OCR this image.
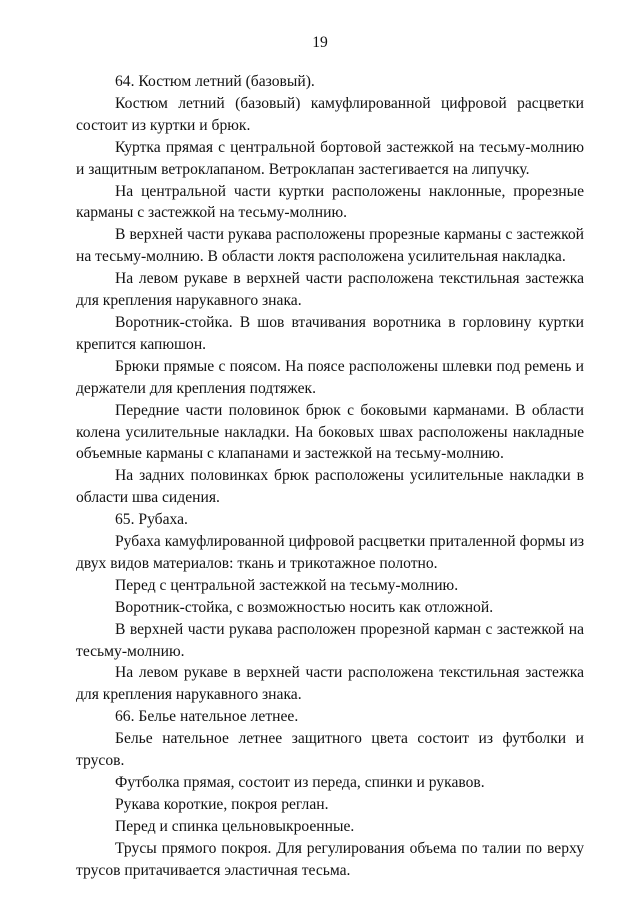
19

64. Костюм летний (базовый).

Костюм летний (базовый) камуфлированной цифровой расцветки состоит из куртки и брюк.

Куртка прямая с центральной бортовой застежкой на тесьму-молнию и защитным ветроклапаном. Ветроклапан застегивается на липучку.

На центральной части куртки расположены наклонные, прорезные карманы с застежкой на тесьму-молнию.

В верхней части рукава расположены прорезные карманы с застежкой на тесьму-молнию. В области локтя расположена усилительная накладка.

На левом рукаве в верхней части расположена текстильная застежка для крепления нарукавного знака.

Воротник-стойка. В шов втачивания воротника в горловину куртки крепится капюшон.

Брюки прямые с поясом. На поясе расположены шлевки под ремень и держатели для крепления подтяжек.

Передние части половинок брюк с боковыми карманами. В области колена усилительные накладки. На боковых швах расположены накладные объемные карманы с клапанами и застежкой на тесьму-молнию.

На задних половинках брюк расположены усилительные накладки в области шва сидения.

65. Рубаха.

Рубаха камуфлированной цифровой расцветки приталенной формы из двух видов материалов: ткань и трикотажное полотно.

Перед с центральной застежкой на тесьму-молнию.

Воротник-стойка, с возможностью носить как отложной.

В верхней части рукава расположен прорезной карман с застежкой на тесьму-молнию.

На левом рукаве в верхней части расположена текстильная застежка для крепления нарукавного знака.

66. Белье нательное летнее.

Белье нательное летнее защитного цвета состоит из футболки и трусов.

Футболка прямая, состоит из переда, спинки и рукавов.

Рукава короткие, покроя реглан.

Перед и спинка цельновыкроенные.

Трусы прямого покроя. Для регулирования объема по талии по верху трусов притачивается эластичная тесьма.
